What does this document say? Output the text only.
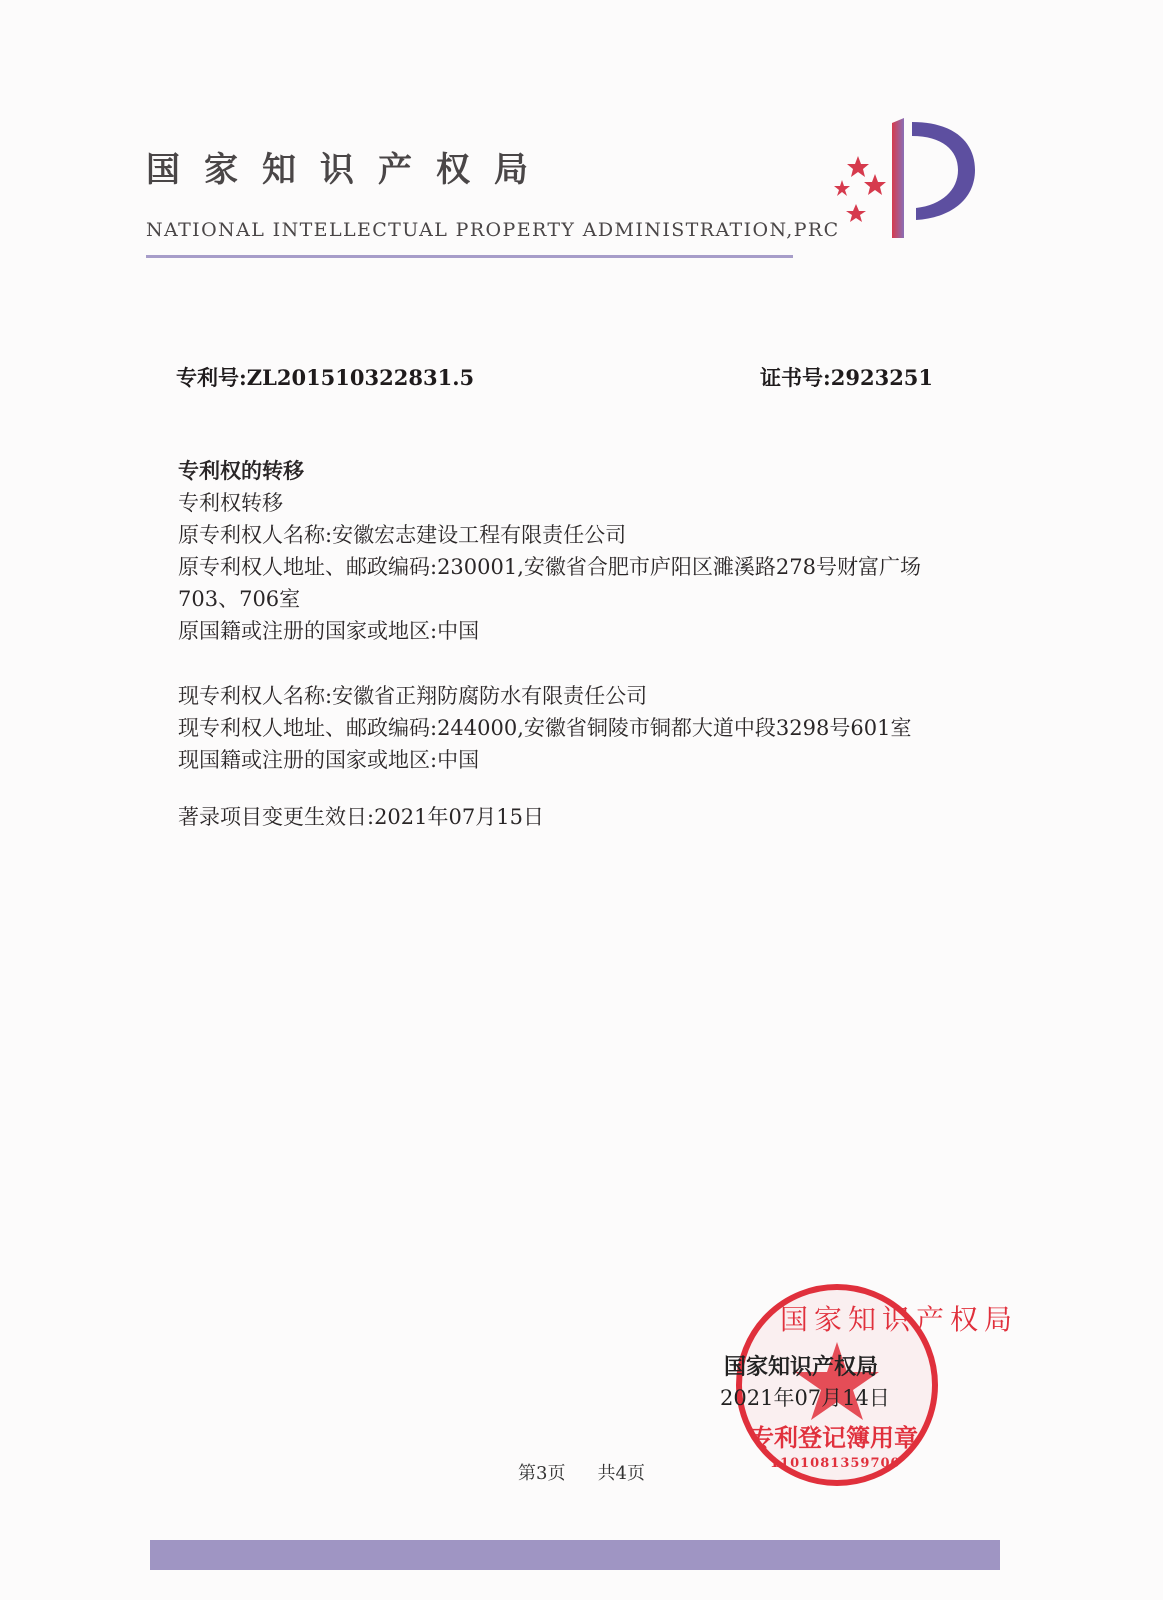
国家知识产权局
NATIONAL INTELLECTUAL PROPERTY ADMINISTRATION,PRC
专利号:ZL201510322831.5	证书号:2923251
专利权的转移
专利权转移
原专利权人名称:安徽宏志建设工程有限责任公司
原专利权人地址、邮政编码:230001,安徽省合肥市庐阳区濉溪路278号财富广场
703、706室
原国籍或注册的国家或地区:中国
现专利权人名称:安徽省正翔防腐防水有限责任公司
现专利权人地址、邮政编码:244000,安徽省铜陵市铜都大道中段3298号601室
现国籍或注册的国家或地区:中国
著录项目变更生效日:2021年07月15日
国家知识产权局
2021年07月14日
专利登记簿用章
1101081359700
国家知识产权局
第3页 共4页
